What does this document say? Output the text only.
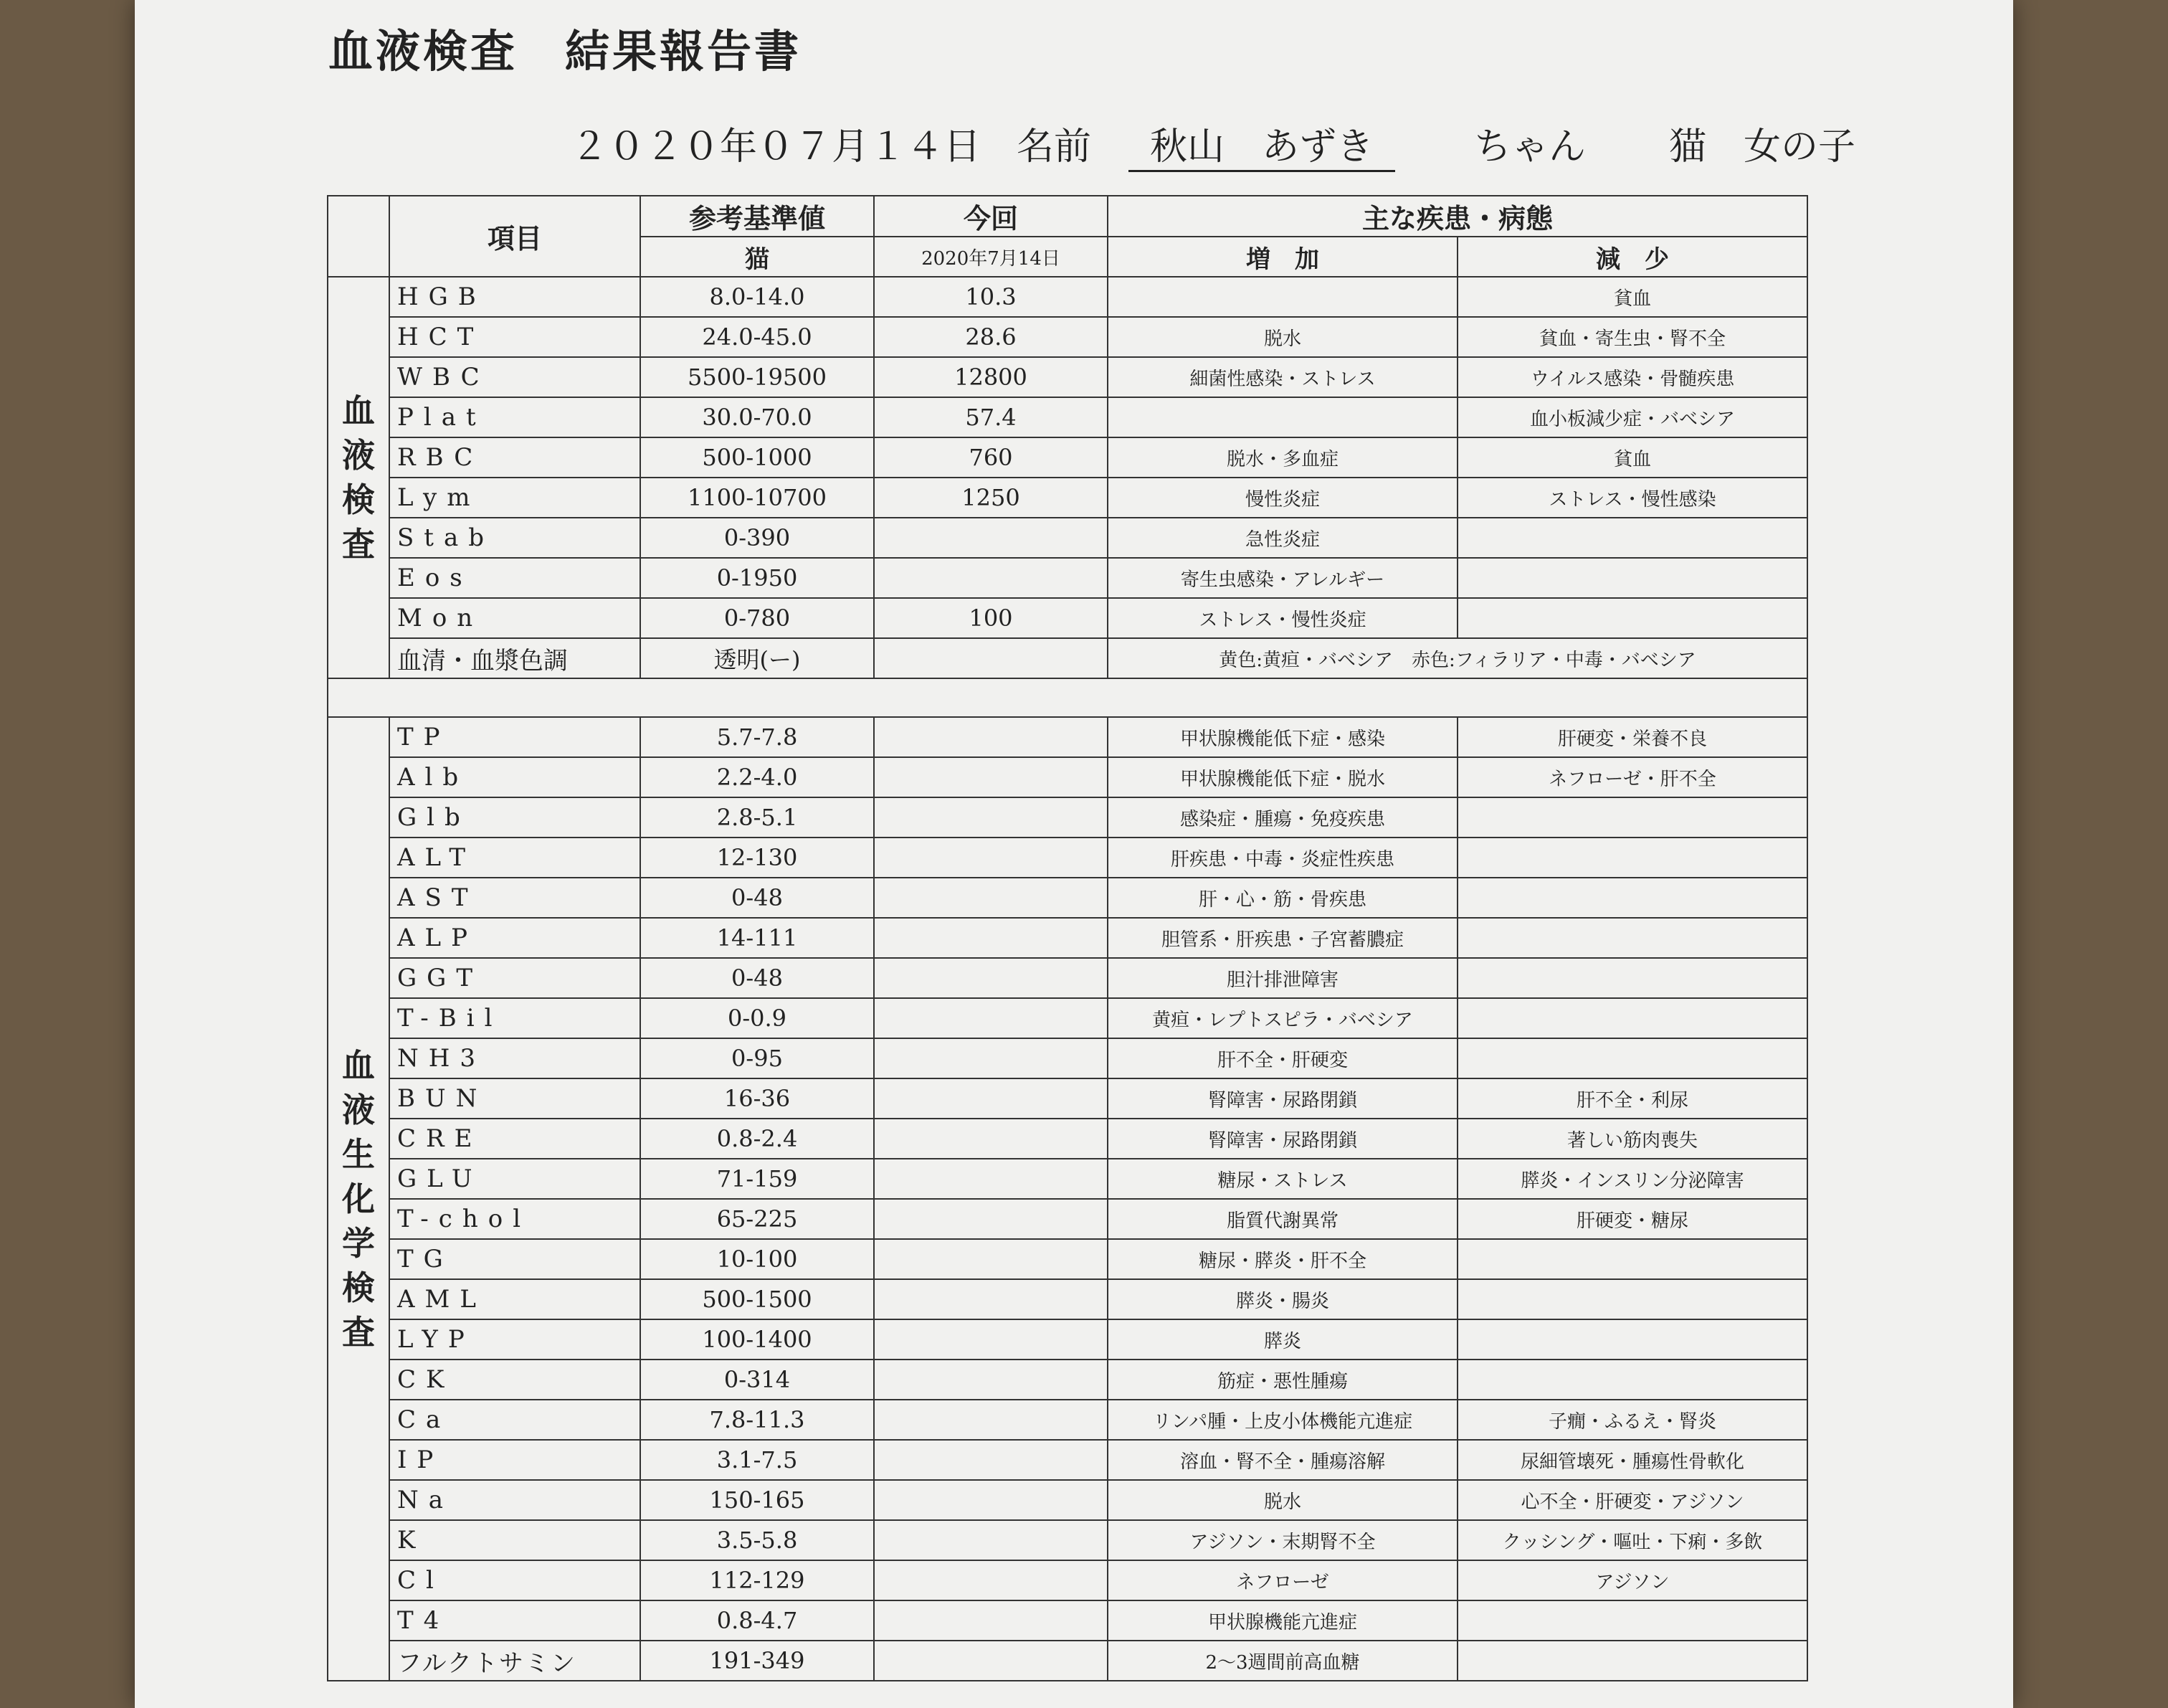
血液検査　結果報告書
２０２０年０７月１４日 名前	秋山　あずき	ちゃん 猫　女の子
	項目	参考基準値	今回	主な疾患・病態	
		猫	2020年7月14日	増　加	減　少
血液検査	HGB	8.0-14.0	10.3		貧血
	HCT	24.0-45.0	28.6	脱水	貧血・寄生虫・腎不全
	WBC	5500-19500	12800	細菌性感染・ストレス	ウイルス感染・骨髄疾患
	Plat	30.0-70.0	57.4		血小板減少症・バベシア
	RBC	500-1000	760	脱水・多血症	貧血
	Lym	1100-10700	1250	慢性炎症	ストレス・慢性感染
	Stab	0-390		急性炎症	
	Eos	0-1950		寄生虫感染・アレルギー	
	Mon	0-780	100	ストレス・慢性炎症	
	血清・血漿色調	透明(ー)		黄色:黄疸・バベシア　赤色:フィラリア・中毒・バベシア	

血液生化学検査	TP	5.7-7.8		甲状腺機能低下症・感染	肝硬変・栄養不良
	Alb	2.2-4.0		甲状腺機能低下症・脱水	ネフローゼ・肝不全
	Glb	2.8-5.1		感染症・腫瘍・免疫疾患	
	ALT	12-130		肝疾患・中毒・炎症性疾患	
	AST	0-48		肝・心・筋・骨疾患	
	ALP	14-111		胆管系・肝疾患・子宮蓄膿症	
	GGT	0-48		胆汁排泄障害	
	T-Bil	0-0.9		黄疸・レプトスピラ・バベシア	
	NH3	0-95		肝不全・肝硬変	
	BUN	16-36		腎障害・尿路閉鎖	肝不全・利尿
	CRE	0.8-2.4		腎障害・尿路閉鎖	著しい筋肉喪失
	GLU	71-159		糖尿・ストレス	膵炎・インスリン分泌障害
	T-chol	65-225		脂質代謝異常	肝硬変・糖尿
	TG	10-100		糖尿・膵炎・肝不全	
	AML	500-1500		膵炎・腸炎	
	LYP	100-1400		膵炎	
	CK	0-314		筋症・悪性腫瘍	
	Ca	7.8-11.3		リンパ腫・上皮小体機能亢進症	子癇・ふるえ・腎炎
	IP	3.1-7.5		溶血・腎不全・腫瘍溶解	尿細管壊死・腫瘍性骨軟化
	Na	150-165		脱水	心不全・肝硬変・アジソン
	K	3.5-5.8		アジソン・末期腎不全	クッシング・嘔吐・下痢・多飲
	Cl	112-129		ネフローゼ	アジソン
	T4	0.8-4.7		甲状腺機能亢進症	
	フルクトサミン	191-349		2〜3週間前高血糖	
